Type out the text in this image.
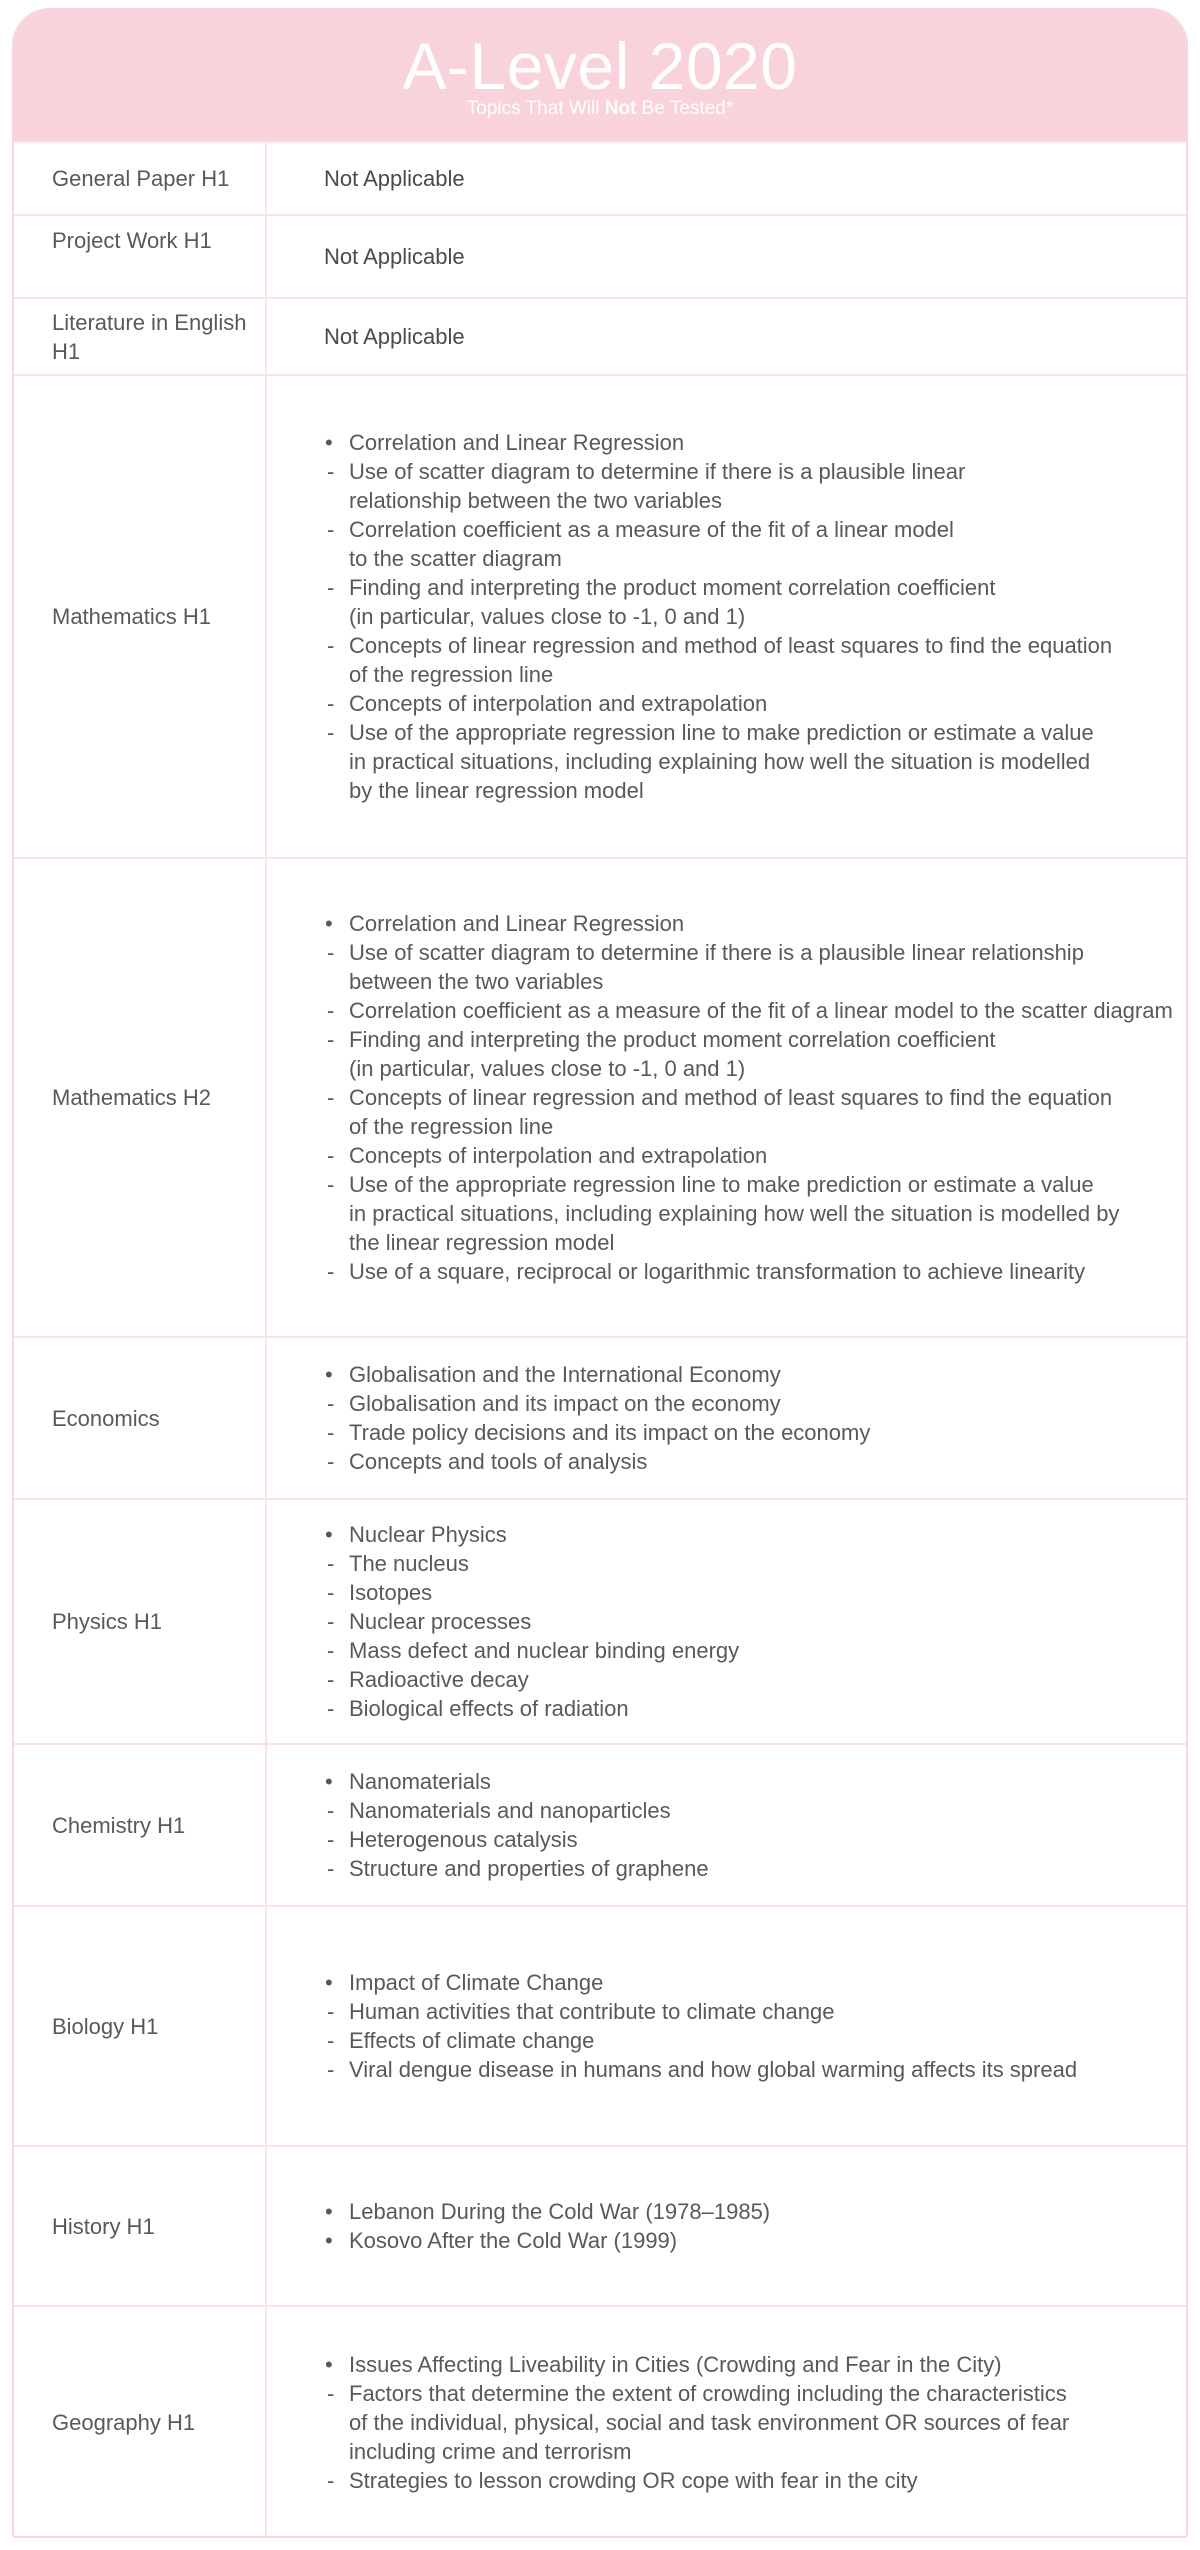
A-Level 2020
Topics That Will Not Be Tested*
General Paper H1	Not Applicable
Project Work H1
Not Applicable
Literature in English H1
Not Applicable
Mathematics H1
• Correlation and Linear Regression
- Use of scatter diagram to determine if there is a plausible linear
relationship between the two variables
- Correlation coefficient as a measure of the fit of a linear model
to the scatter diagram
- Finding and interpreting the product moment correlation coefficient
(in particular, values close to -1, 0 and 1)
- Concepts of linear regression and method of least squares to find the equation
of the regression line
- Concepts of interpolation and extrapolation
- Use of the appropriate regression line to make prediction or estimate a value
in practical situations, including explaining how well the situation is modelled
by the linear regression model
Mathematics H2
• Correlation and Linear Regression
- Use of scatter diagram to determine if there is a plausible linear relationship
between the two variables
- Correlation coefficient as a measure of the fit of a linear model to the scatter diagram
- Finding and interpreting the product moment correlation coefficient
(in particular, values close to -1, 0 and 1)
- Concepts of linear regression and method of least squares to find the equation
of the regression line
- Concepts of interpolation and extrapolation
- Use of the appropriate regression line to make prediction or estimate a value
in practical situations, including explaining how well the situation is modelled by
the linear regression model
- Use of a square, reciprocal or logarithmic transformation to achieve linearity
Economics
• Globalisation and the International Economy
- Globalisation and its impact on the economy
- Trade policy decisions and its impact on the economy
- Concepts and tools of analysis
Physics H1
• Nuclear Physics
- The nucleus
- Isotopes
- Nuclear processes
- Mass defect and nuclear binding energy
- Radioactive decay
- Biological effects of radiation
Chemistry H1
• Nanomaterials
- Nanomaterials and nanoparticles
- Heterogenous catalysis
- Structure and properties of graphene
Biology H1
• Impact of Climate Change
- Human activities that contribute to climate change
- Effects of climate change
- Viral dengue disease in humans and how global warming affects its spread
History H1
• Lebanon During the Cold War (1978–1985)
• Kosovo After the Cold War (1999)
Geography H1
• Issues Affecting Liveability in Cities (Crowding and Fear in the City)
- Factors that determine the extent of crowding including the characteristics
of the individual, physical, social and task environment OR sources of fear
including crime and terrorism
- Strategies to lesson crowding OR cope with fear in the city
